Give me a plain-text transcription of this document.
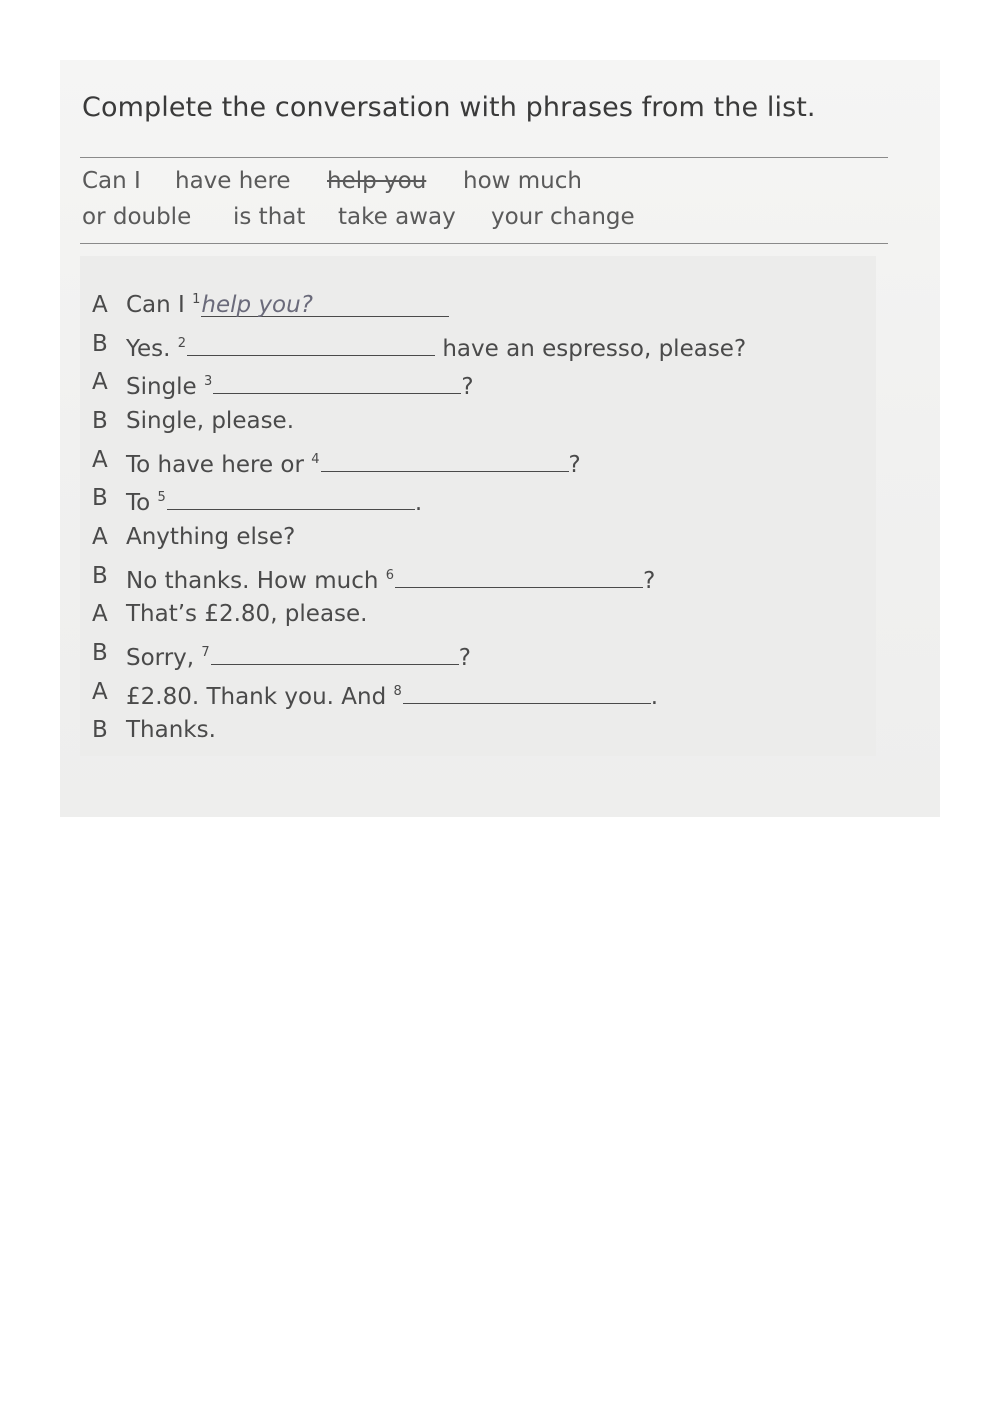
Complete the conversation with phrases from the list.
Can I have here help you how much
or double is that take away your change
A Can I $^1$help you?
B Yes. $^2$	have an espresso, please?
A Single $^3$	?
B Single, please.
A To have here or $^4$	?
B To $^5$	.
A Anything else?
B No thanks. How much $^6$	?
A That’s £2.80, please.
B Sorry, $^7$	?
A £2.80. Thank you. And $^8$	.
B Thanks.
